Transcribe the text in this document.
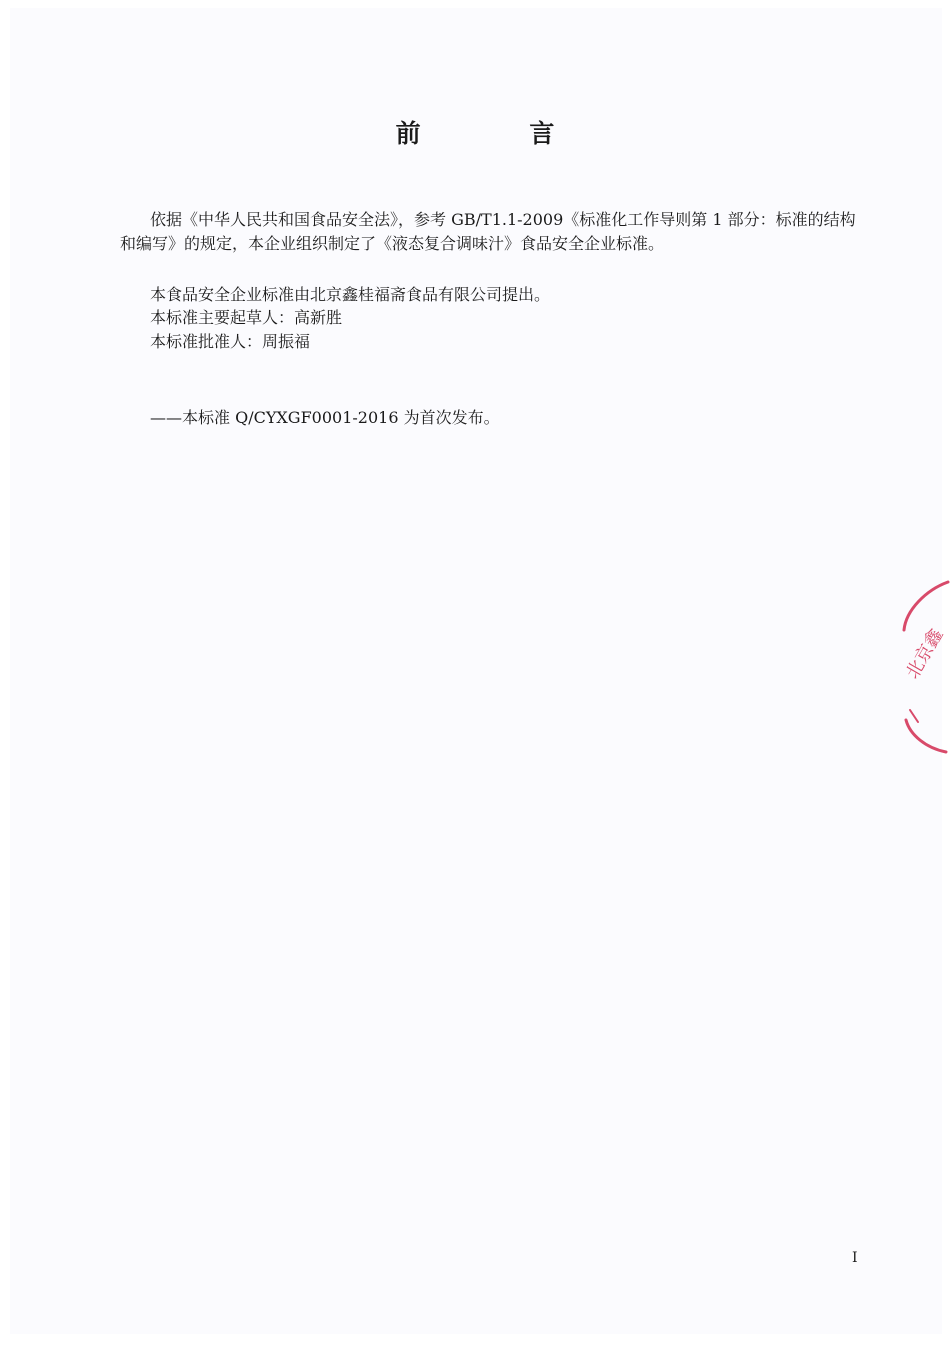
前 言
依据《中华人民共和国食品安全法》，参考 GB/T1.1-2009《标准化工作导则第 1 部分：标准的结构
和编写》的规定，本企业组织制定了《液态复合调味汁》食品安全企业标准。
本食品安全企业标准由北京鑫桂福斋食品有限公司提出。
本标准主要起草人：高新胜
本标准批准人：周振福
——本标准 Q/CYXGF0001-2016 为首次发布。
I
北京鑫
